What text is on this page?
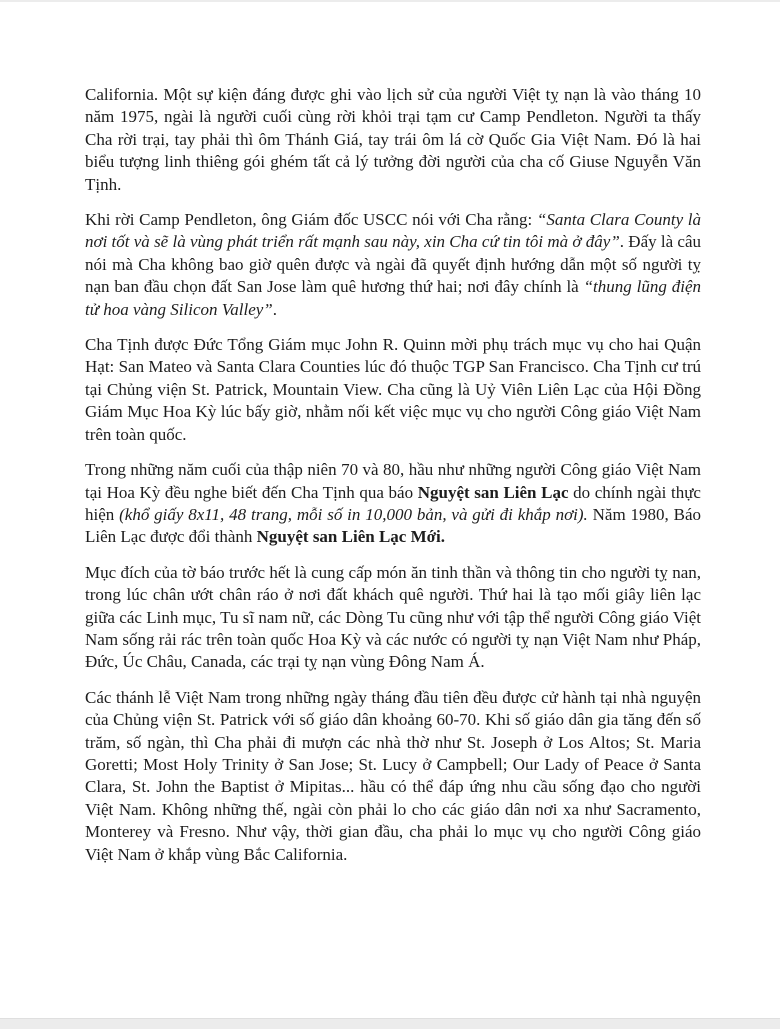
California. Một sự kiện đáng được ghi vào lịch sử của người Việt tỵ nạn là vào tháng 10 năm 1975, ngài là người cuối cùng rời khỏi trại tạm cư Camp Pendleton. Người ta thấy Cha rời trại, tay phải thì ôm Thánh Giá, tay trái ôm lá cờ Quốc Gia Việt Nam. Đó là hai biểu tượng linh thiêng gói ghém tất cả lý tưởng đời người của cha cố Giuse Nguyễn Văn Tịnh.

Khi rời Camp Pendleton, ông Giám đốc USCC nói với Cha rằng: “Santa Clara County là nơi tốt và sẽ là vùng phát triển rất mạnh sau này, xin Cha cứ tin tôi mà ở đây”. Đấy là câu nói mà Cha không bao giờ quên được và ngài đã quyết định hướng dẫn một số người tỵ nạn ban đầu chọn đất San Jose làm quê hương thứ hai; nơi đây chính là “thung lũng điện tử hoa vàng Silicon Valley”.

Cha Tịnh được Đức Tổng Giám mục John R. Quinn mời phụ trách mục vụ cho hai Quận Hạt: San Mateo và Santa Clara Counties lúc đó thuộc TGP San Francisco. Cha Tịnh cư trú tại Chủng viện St. Patrick, Mountain View. Cha cũng là Uỷ Viên Liên Lạc của Hội Đồng Giám Mục Hoa Kỳ lúc bấy giờ, nhằm nối kết việc mục vụ cho người Công giáo Việt Nam trên toàn quốc.

Trong những năm cuối của thập niên 70 và 80, hầu như những người Công giáo Việt Nam tại Hoa Kỳ đều nghe biết đến Cha Tịnh qua báo Nguyệt san Liên Lạc do chính ngài thực hiện (khổ giấy 8x11, 48 trang, mỗi số in 10,000 bản, và gửi đi khắp nơi). Năm 1980, Báo Liên Lạc được đổi thành Nguyệt san Liên Lạc Mới.

Mục đích của tờ báo trước hết là cung cấp món ăn tinh thần và thông tin cho người tỵ nan, trong lúc chân ướt chân ráo ở nơi đất khách quê người. Thứ hai là tạo mối giây liên lạc giữa các Linh mục, Tu sĩ nam nữ, các Dòng Tu cũng như với tập thể người Công giáo Việt Nam sống rải rác trên toàn quốc Hoa Kỳ và các nước có người tỵ nạn Việt Nam như Pháp, Đức, Úc Châu, Canada, các trại tỵ nạn vùng Đông Nam Á.

Các thánh lễ Việt Nam trong những ngày tháng đầu tiên đều được cử hành tại nhà nguyện của Chủng viện St. Patrick với số giáo dân khoảng 60-70. Khi số giáo dân gia tăng đến số trăm, số ngàn, thì Cha phải đi mượn các nhà thờ như St. Joseph ở Los Altos; St. Maria Goretti; Most Holy Trinity ở San Jose; St. Lucy ở Campbell; Our Lady of Peace ở Santa Clara, St. John the Baptist ở Mipitas... hầu có thể đáp ứng nhu cầu sống đạo cho người Việt Nam. Không những thế, ngài còn phải lo cho các giáo dân nơi xa như Sacramento, Monterey và Fresno. Như vậy, thời gian đầu, cha phải lo mục vụ cho người Công giáo Việt Nam ở khắp vùng Bắc California.
